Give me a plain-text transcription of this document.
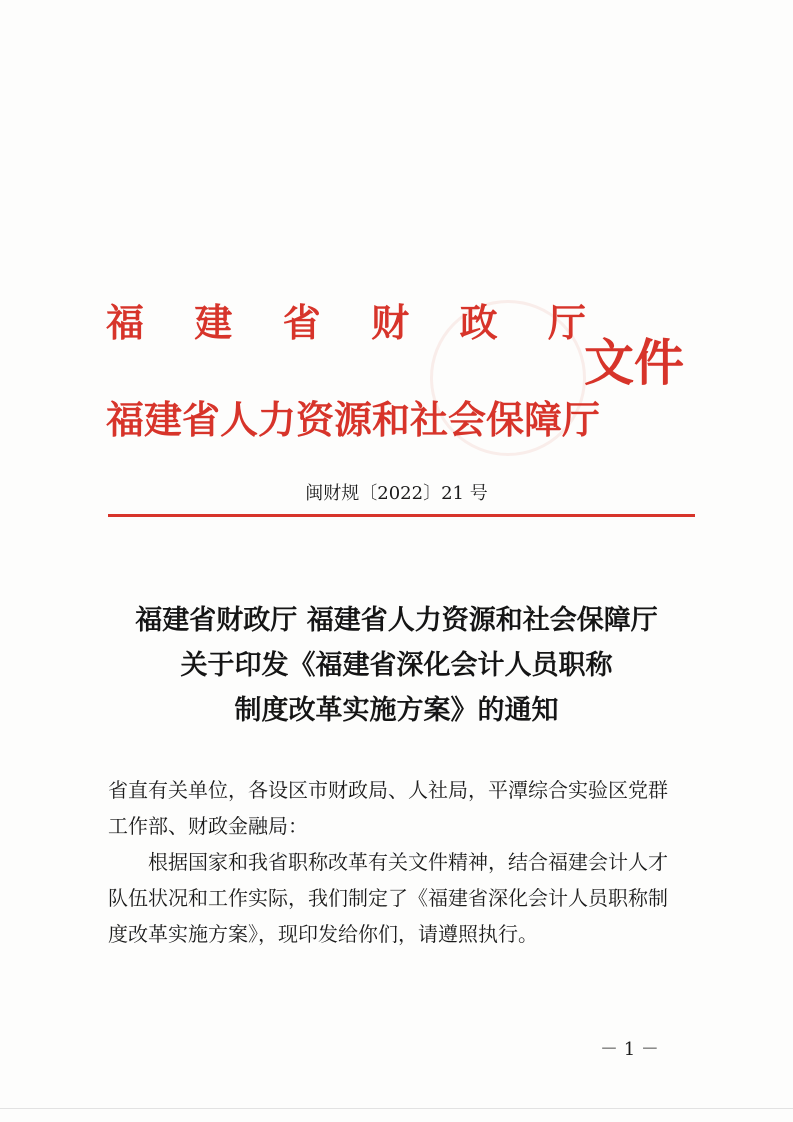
福 建 省 财 政 厅
文件
福建省人力资源和社会保障厅
闽财规〔2022〕21 号
福建省财政厅 福建省人力资源和社会保障厅
关于印发《福建省深化会计人员职称
制度改革实施方案》的通知

省直有关单位，各设区市财政局、人社局，平潭综合实验区党群

工作部、财政金融局：

根据国家和我省职称改革有关文件精神，结合福建会计人才

队伍状况和工作实际，我们制定了《福建省深化会计人员职称制

度改革实施方案》，现印发给你们，请遵照执行。

－ 1 －
